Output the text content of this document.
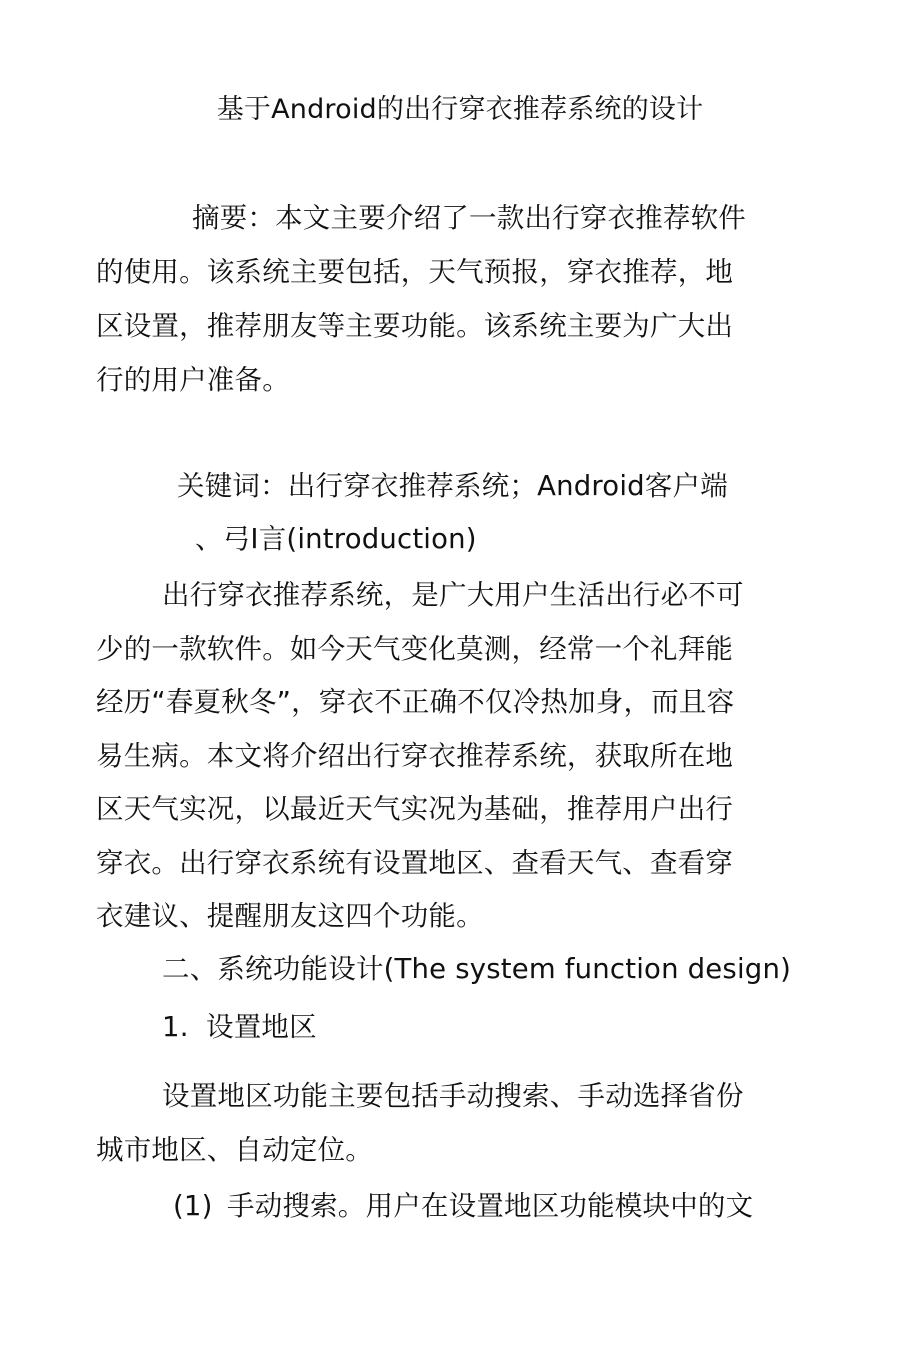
基于Android的出行穿衣推荐系统的设计
摘要：本文主要介绍了一款出行穿衣推荐软件
的使用。该系统主要包括，天气预报，穿衣推荐，地
区设置，推荐朋友等主要功能。该系统主要为广大出
行的用户准备。
关键词：出行穿衣推荐系统；Android客户端
、弓I言(introduction)
出行穿衣推荐系统，是广大用户生活出行必不可
少的一款软件。如今天气变化莫测，经常一个礼拜能
经历“春夏秋冬”，穿衣不正确不仅冷热加身，而且容
易生病。本文将介绍出行穿衣推荐系统，获取所在地
区天气实况，以最近天气实况为基础，推荐用户出行
穿衣。出行穿衣系统有设置地区、查看天气、查看穿
衣建议、提醒朋友这四个功能。
二、系统功能设计(The system function design)
1. 设置地区
设置地区功能主要包括手动搜索、手动选择省份
城市地区、自动定位。
(1) 手动搜索。用户在设置地区功能模块中的文
